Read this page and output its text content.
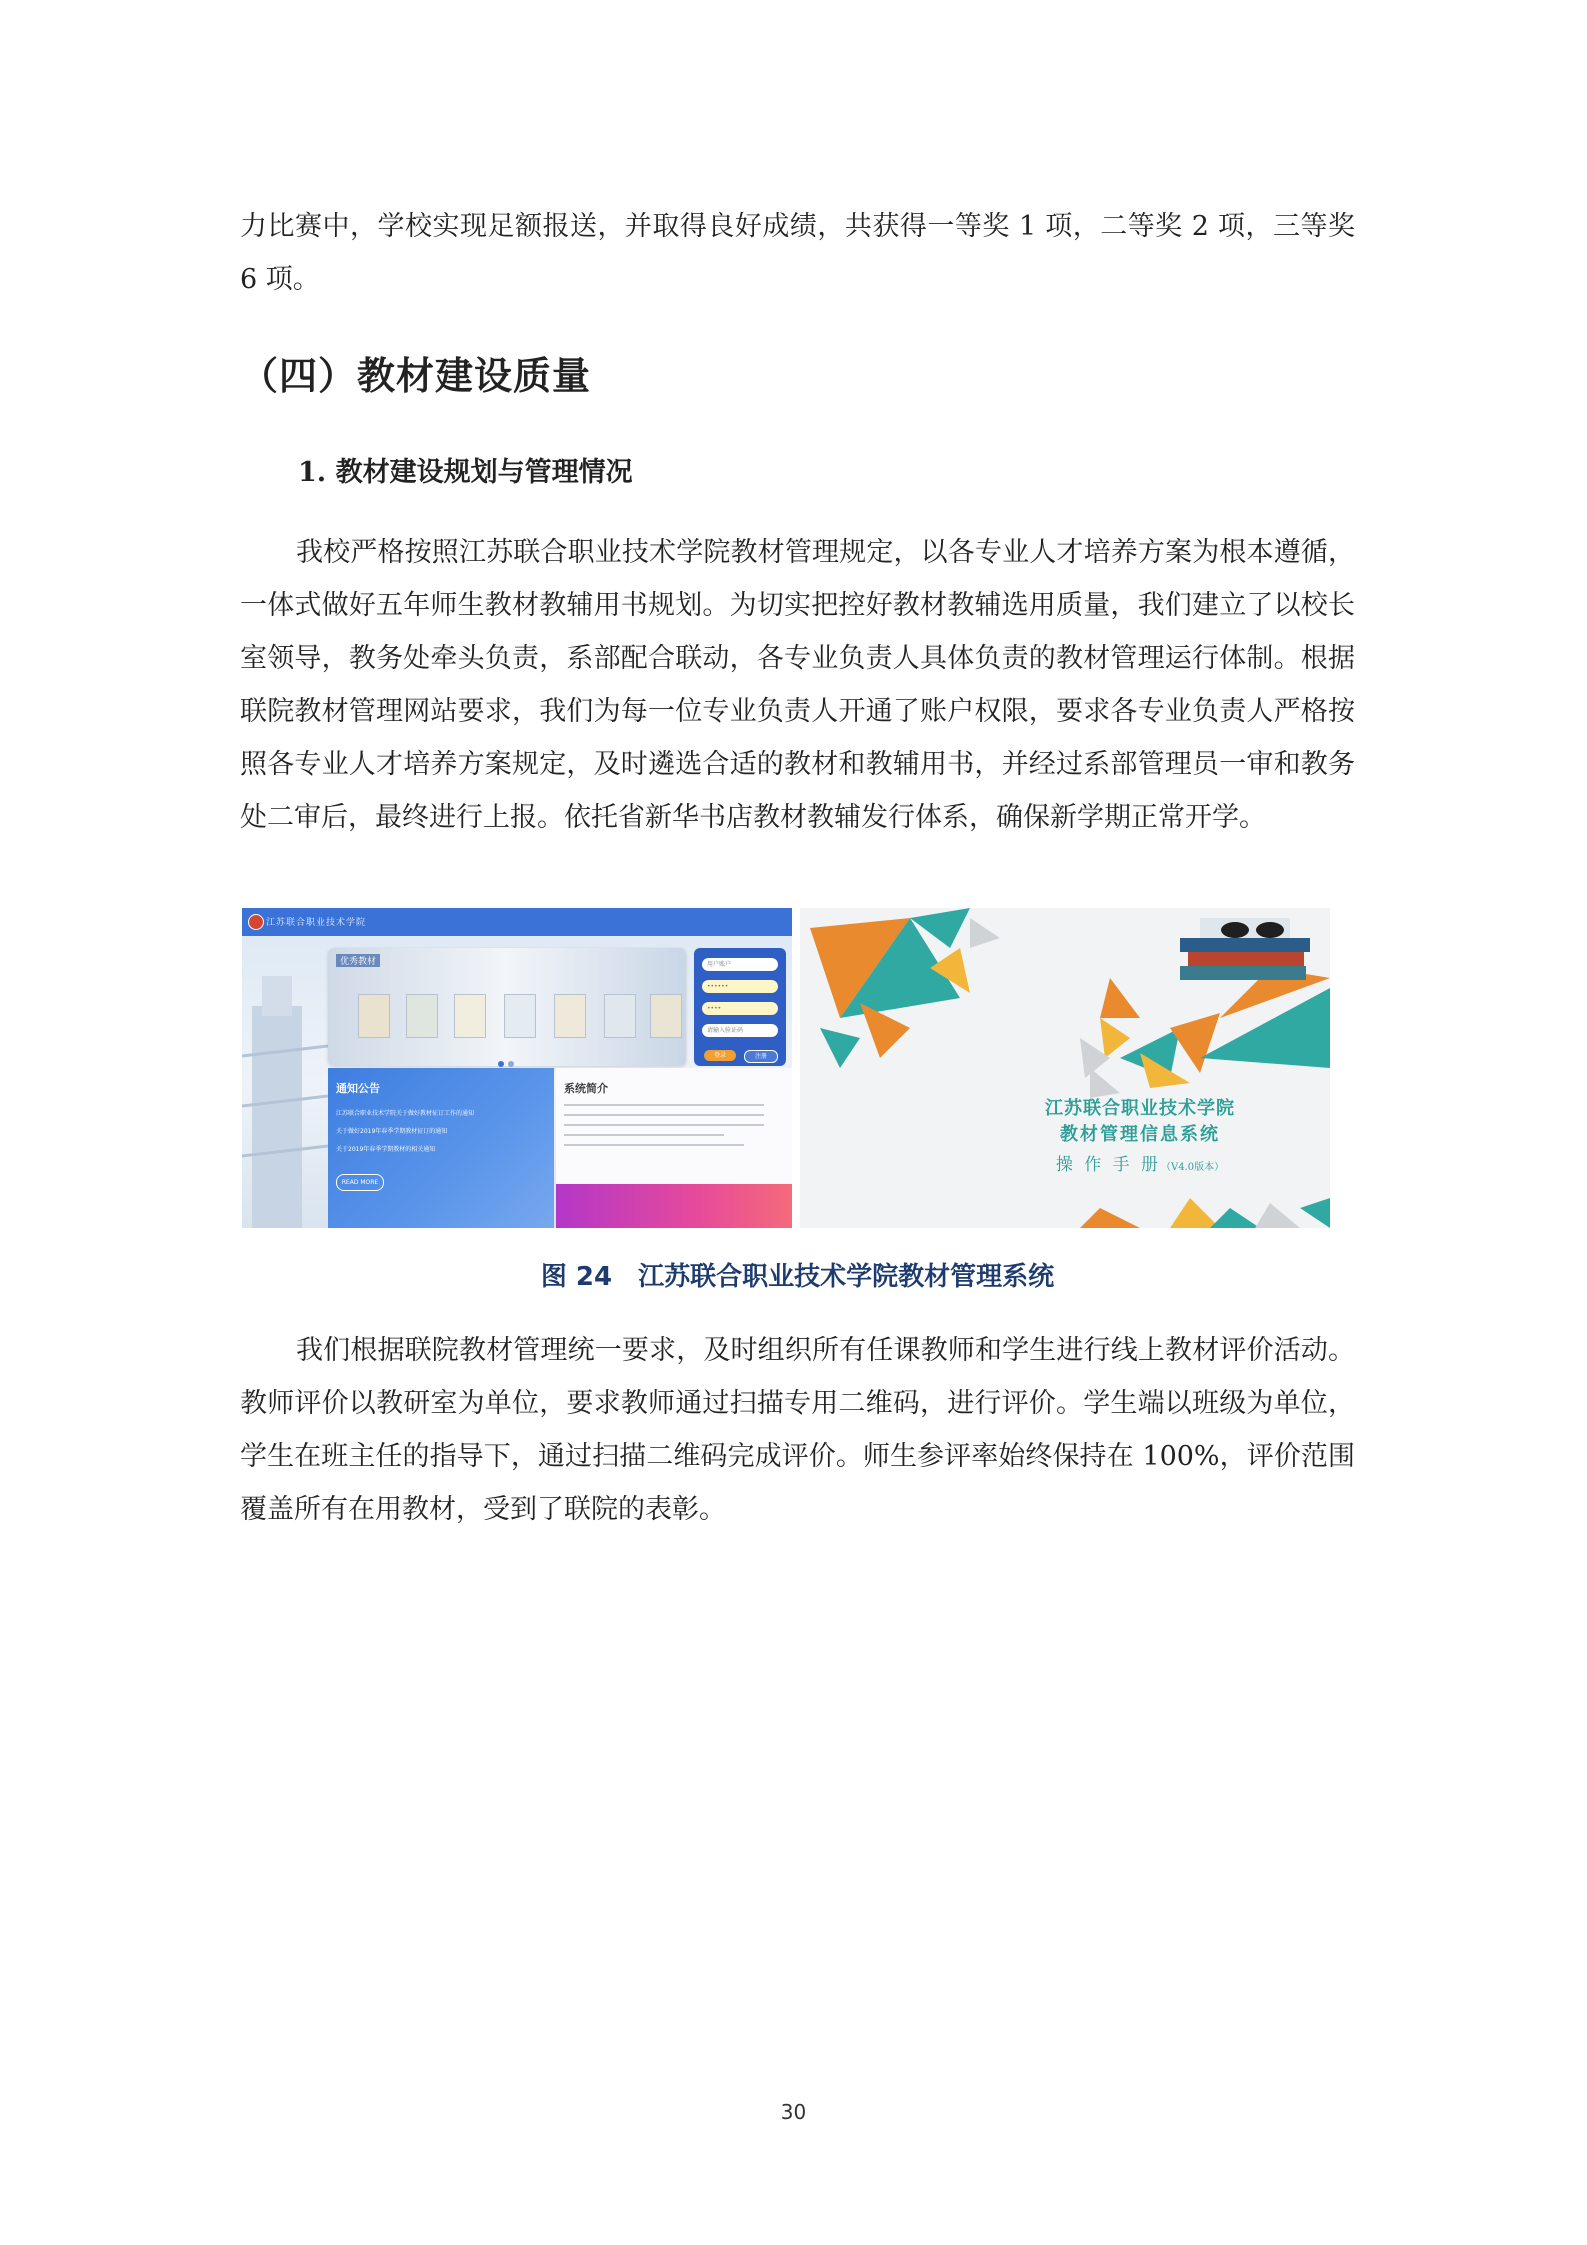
力比赛中，学校实现足额报送，并取得良好成绩，共获得一等奖 1 项，二等奖 2 项，三等奖 6 项。

（四）教材建设质量
1. 教材建设规划与管理情况

我校严格按照江苏联合职业技术学院教材管理规定，以各专业人才培养方案为根本遵循，一体式做好五年师生教材教辅用书规划。为切实把控好教材教辅选用质量，我们建立了以校长室领导，教务处牵头负责，系部配合联动，各专业负责人具体负责的教材管理运行体制。根据联院教材管理网站要求，我们为每一位专业负责人开通了账户权限，要求各专业负责人严格按照各专业人才培养方案规定，及时遴选合适的教材和教辅用书，并经过系部管理员一审和教务处二审后，最终进行上报。依托省新华书店教材教辅发行体系，确保新学期正常开学。

江苏联合职业技术学院
优秀教材	用户账户
••••••
••••
请输入验证码
登录	注册
通知公告
江苏联合职业技术学院关于做好教材征订工作的通知
关于做好2019年春季学期教材征订的通知
关于2019年春季学期教材的相关通知
READ MORE
系统简介

江苏联合职业技术学院

教材管理信息系统

操 作 手 册（V4.0版本）

图 24 江苏联合职业技术学院教材管理系统

我们根据联院教材管理统一要求，及时组织所有任课教师和学生进行线上教材评价活动。教师评价以教研室为单位，要求教师通过扫描专用二维码，进行评价。学生端以班级为单位，学生在班主任的指导下，通过扫描二维码完成评价。师生参评率始终保持在 100%，评价范围覆盖所有在用教材，受到了联院的表彰。

30
